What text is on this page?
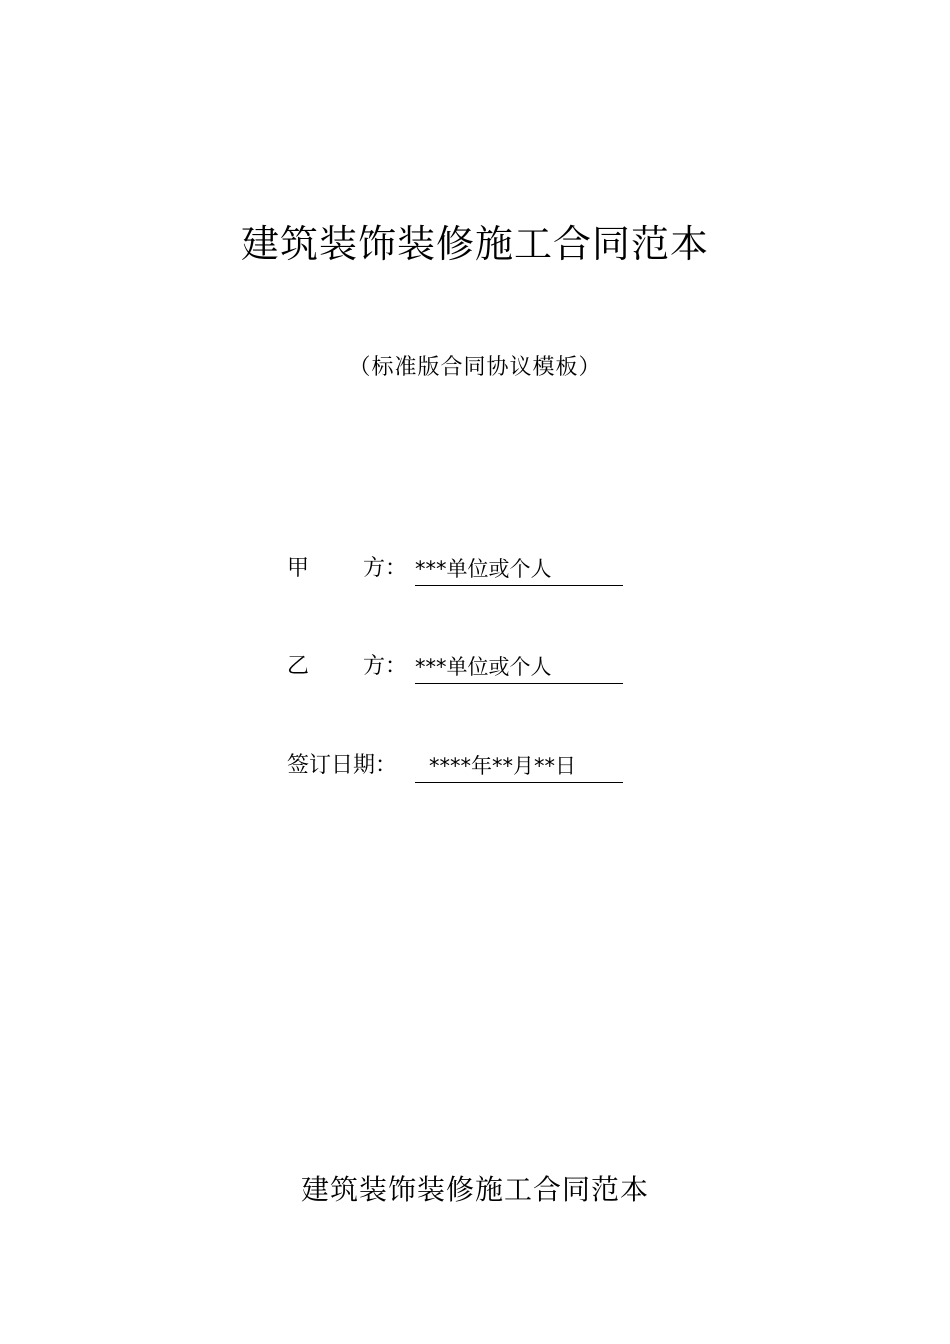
建筑装饰装修施工合同范本
（标准版合同协议模板）
甲 方： ***单位或个人
乙 方： ***单位或个人
签订日期：	****年**月**日
建筑装饰装修施工合同范本
